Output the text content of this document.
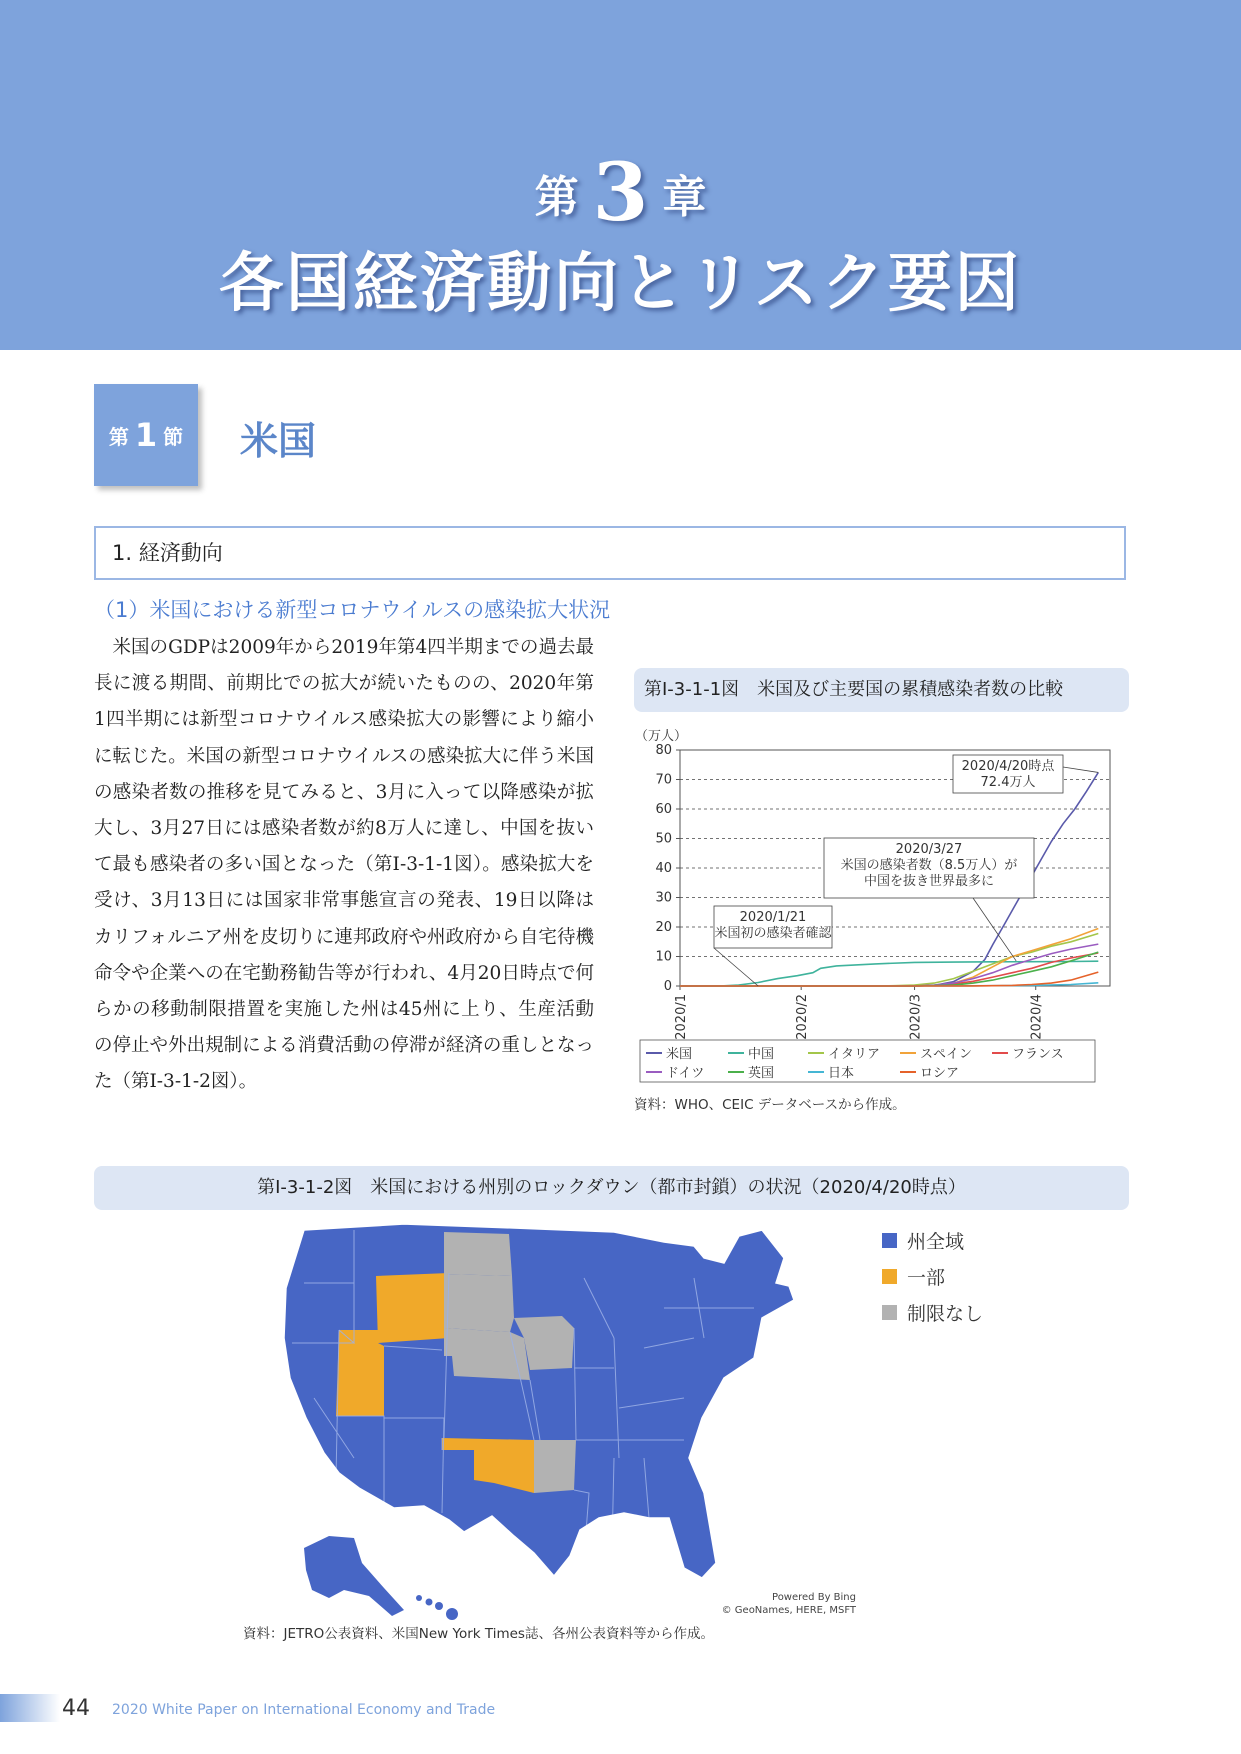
第 3 章
各国経済動向とリスク要因
第 1 節 米国
1. 経済動向
（1）米国における新型コロナウイルスの感染拡大状況

米国のGDPは2009年から2019年第4四半期までの過去最長に渡る期間、前期比での拡大が続いたものの、2020年第1四半期には新型コロナウイルス感染拡大の影響により縮小に転じた。米国の新型コロナウイルスの感染拡大に伴う米国の感染者数の推移を見てみると、3月に入って以降感染が拡大し、3月27日には感染者数が約8万人に達し、中国を抜いて最も感染者の多い国となった（第Ⅰ-3-1-1図）。感染拡大を受け、3月13日には国家非常事態宣言の発表、19日以降はカリフォルニア州を皮切りに連邦政府や州政府から自宅待機命令や企業への在宅勤務勧告等が行われ、4月20日時点で何らかの移動制限措置を実施した州は45州に上り、生産活動の停止や外出規制による消費活動の停滞が経済の重しとなった（第Ⅰ-3-1-2図）。

第Ⅰ-3-1-1図　米国及び主要国の累積感染者数の比較
0
10
20
30
40
50
60
70
80
（万人）
2020/1	2020/2	2020/3	2020/4
2020/4/20時点
72.4万人
2020/3/27
米国の感染者数（8.5万人）が
中国を抜き世界最多に
2020/1/21
米国初の感染者確認
米国	中国	イタリア	スペイン	フランス
ドイツ	英国	日本	ロシア
資料：WHO、CEIC データベースから作成。
第Ⅰ-3-1-2図　米国における州別のロックダウン（都市封鎖）の状況（2020/4/20時点）
州全域
一部
制限なし
Powered By Bing
© GeoNames, HERE, MSFT
資料：JETRO公表資料、米国New York Times誌、各州公表資料等から作成。
44 2020 White Paper on International Economy and Trade
